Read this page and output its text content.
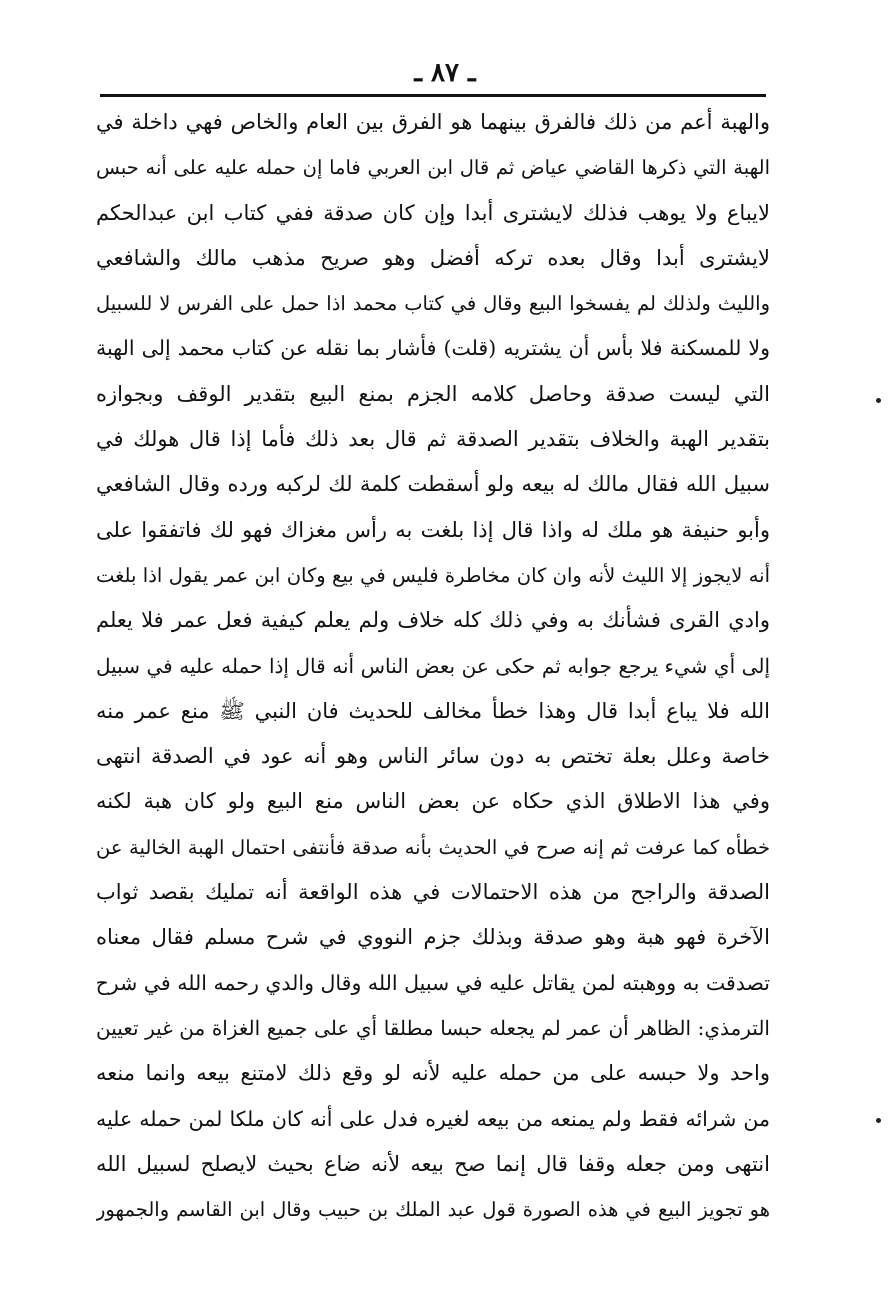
ـ ٨٧ ـ
والهبة أعم من ذلك فالفرق بينهما هو الفرق بين العام والخاص فهي داخلة في
الهبة التي ذكرها القاضي عياض ثم قال ابن العربي فاما إن حمله عليه على أنه حبس
لايباع ولا يوهب فذلك لايشترى أبدا وإن كان صدقة ففي كتاب ابن عبدالحكم
لايشترى أبدا وقال بعده تركه أفضل وهو صريح مذهب مالك والشافعي
والليث ولذلك لم يفسخوا البيع وقال في كتاب محمد اذا حمل على الفرس لا للسبيل
ولا للمسكنة فلا بأس أن يشتريه (قلت) فأشار بما نقله عن كتاب محمد إلى الهبة
التي ليست صدقة وحاصل كلامه الجزم بمنع البيع بتقدير الوقف وبجوازه
بتقدير الهبة والخلاف بتقدير الصدقة ثم قال بعد ذلك فأما إذا قال هولك في
سبيل الله فقال مالك له بيعه ولو أسقطت كلمة لك لركبه ورده وقال الشافعي
وأبو حنيفة هو ملك له واذا قال إذا بلغت به رأس مغزاك فهو لك فاتفقوا على
أنه لايجوز إلا الليث لأنه وان كان مخاطرة فليس في بيع وكان ابن عمر يقول اذا بلغت
وادي القرى فشأنك به وفي ذلك كله خلاف ولم يعلم كيفية فعل عمر فلا يعلم
إلى أي شيء يرجع جوابه ثم حكى عن بعض الناس أنه قال إذا حمله عليه في سبيل
الله فلا يباع أبدا قال وهذا خطأ مخالف للحديث فان النبي ﷺ منع عمر منه
خاصة وعلل بعلة تختص به دون سائر الناس وهو أنه عود في الصدقة انتهى
وفي هذا الاطلاق الذي حكاه عن بعض الناس منع البيع ولو كان هبة لكنه
خطأه كما عرفت ثم إنه صرح في الحديث بأنه صدقة فأنتفى احتمال الهبة الخالية عن
الصدقة والراجح من هذه الاحتمالات في هذه الواقعة أنه تمليك بقصد ثواب
الآخرة فهو هبة وهو صدقة وبذلك جزم النووي في شرح مسلم فقال معناه
تصدقت به ووهبته لمن يقاتل عليه في سبيل الله وقال والدي رحمه الله في شرح
الترمذي: الظاهر أن عمر لم يجعله حبسا مطلقا أي على جميع الغزاة من غير تعيين
واحد ولا حبسه على من حمله عليه لأنه لو وقع ذلك لامتنع بيعه وانما منعه
من شرائه فقط ولم يمنعه من بيعه لغيره فدل على أنه كان ملكا لمن حمله عليه
انتهى ومن جعله وقفا قال إنما صح بيعه لأنه ضاع بحيث لايصلح لسبيل الله
هو تجويز البيع في هذه الصورة قول عبد الملك بن حبيب وقال ابن القاسم والجمهور
